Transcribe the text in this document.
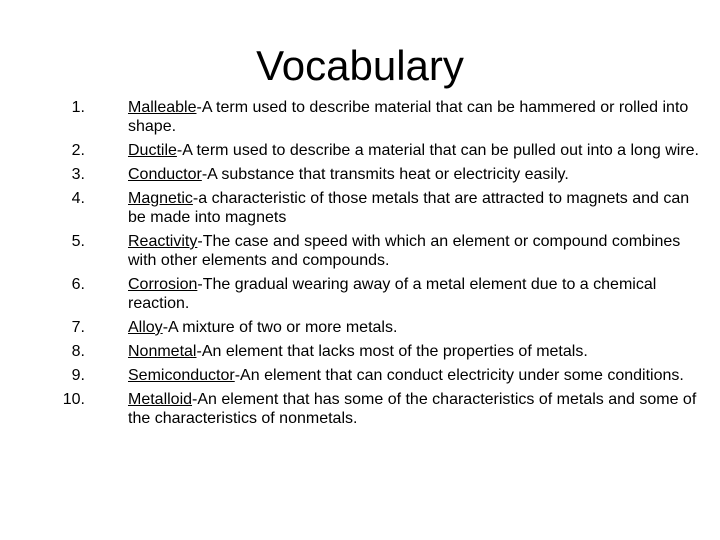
Vocabulary
1.	Malleable-A term used to describe material that can be hammered or rolled into shape.
2.	Ductile-A term used to describe a material that can be pulled out into a long wire.
3.	Conductor-A substance that transmits heat or electricity easily.
4.	Magnetic-a characteristic of those metals that are attracted to magnets and can be made into magnets
5.	Reactivity-The case and speed with which an element or compound combines with other elements and compounds.
6.	Corrosion-The gradual wearing away of a metal element due to a chemical reaction.
7.	Alloy-A mixture of two or more metals.
8.	Nonmetal-An element that lacks most of the properties of metals.
9.	Semiconductor-An element that can conduct electricity under some conditions.
10.	Metalloid-An element that has some of the characteristics of metals and some of the characteristics of nonmetals.
